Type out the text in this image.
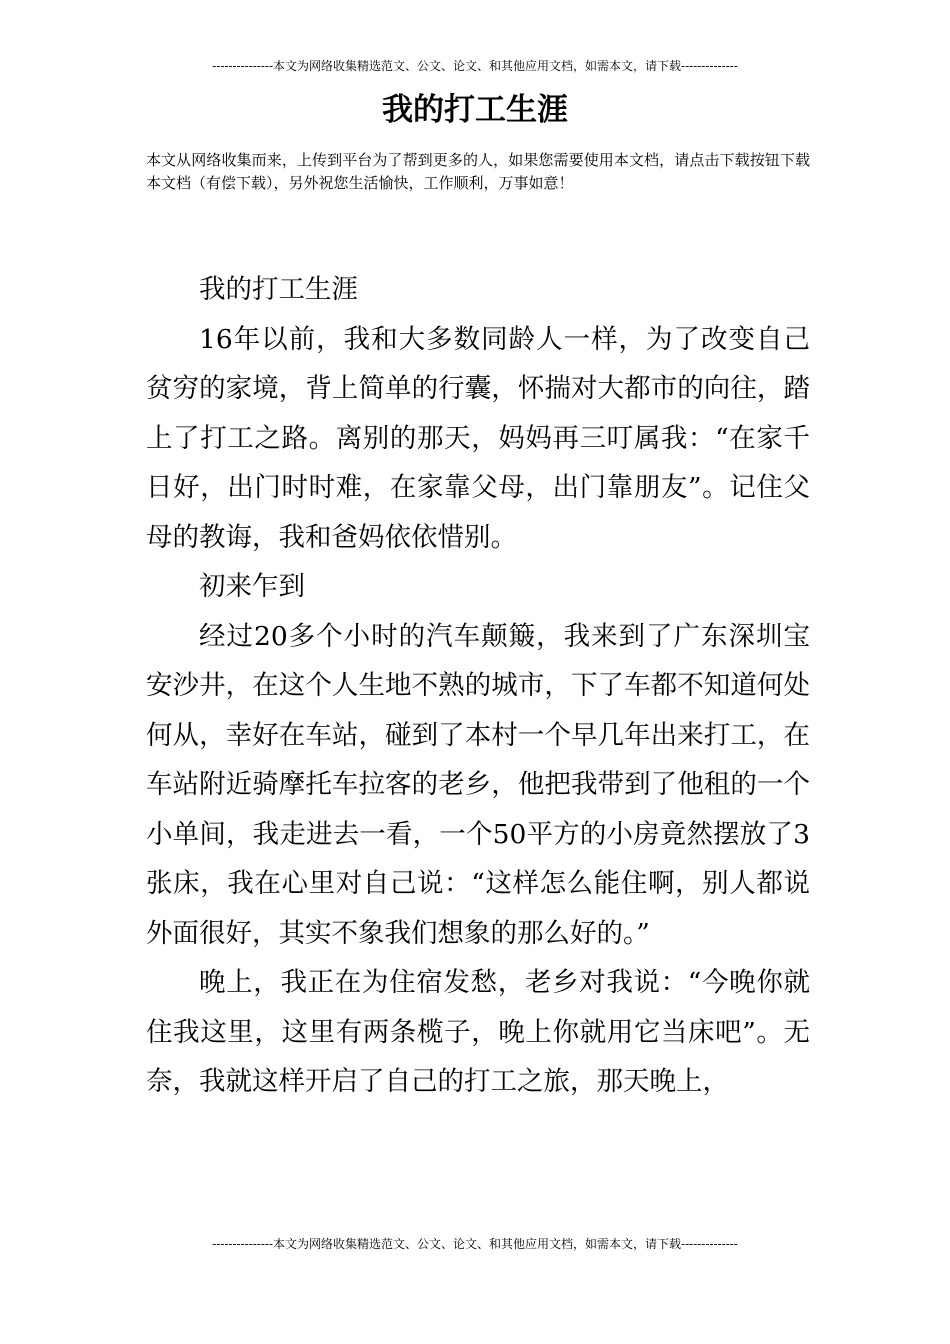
---------------本文为网络收集精选范文、公文、论文、和其他应用文档，如需本文，请下载--------------
我的打工生涯

本文从网络收集而来，上传到平台为了帮到更多的人，如果您需要使用本文档，请点击下载按钮下载本文档（有偿下载），另外祝您生活愉快，工作顺利，万事如意！

我的打工生涯

16年以前，我和大多数同龄人一样，为了改变自己贫穷的家境，背上简单的行囊，怀揣对大都市的向往，踏上了打工之路。离别的那天，妈妈再三叮属我：“在家千日好，出门时时难，在家靠父母，出门靠朋友”。记住父母的教诲，我和爸妈依依惜别。

初来乍到

经过20多个小时的汽车颠簸，我来到了广东深圳宝安沙井，在这个人生地不熟的城市，下了车都不知道何处何从，幸好在车站，碰到了本村一个早几年出来打工，在车站附近骑摩托车拉客的老乡，他把我带到了他租的一个小单间，我走进去一看，一个50平方的小房竟然摆放了3张床，我在心里对自己说：“这样怎么能住啊，别人都说外面很好，其实不象我们想象的那么好的。”

晚上，我正在为住宿发愁，老乡对我说：“今晚你就住我这里，这里有两条榄子，晚上你就用它当床吧”。无奈，我就这样开启了自己的打工之旅，那天晚上，

---------------本文为网络收集精选范文、公文、论文、和其他应用文档，如需本文，请下载--------------
